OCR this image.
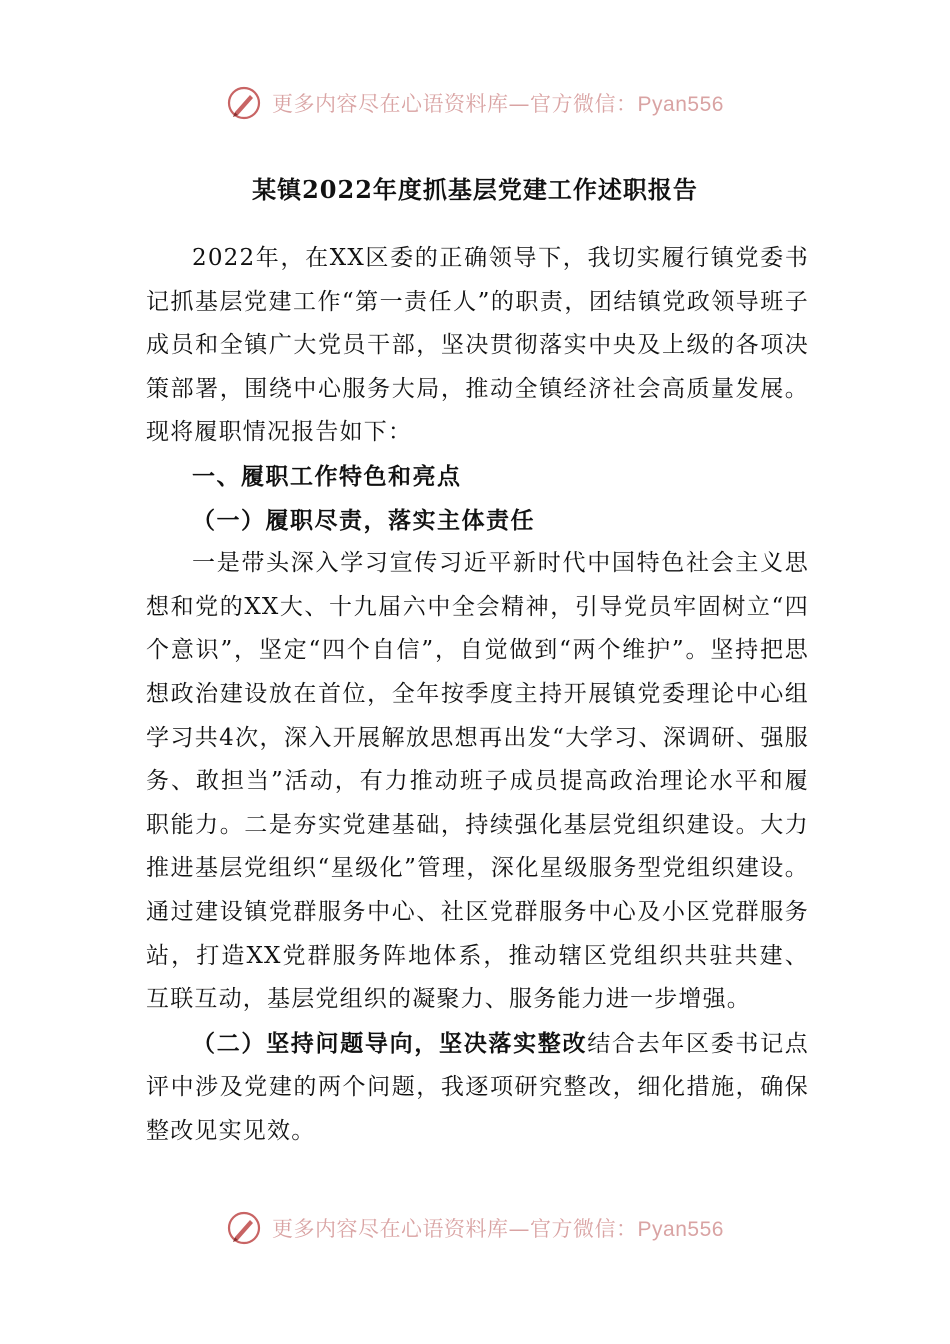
更多内容尽在心语资料库—官方微信：Pyan556
某镇2022年度抓基层党建工作述职报告

2022年，在XX区委的正确领导下，我切实履行镇党委书记抓基层党建工作“第一责任人”的职责，团结镇党政领导班子成员和全镇广大党员干部，坚决贯彻落实中央及上级的各项决策部署，围绕中心服务大局，推动全镇经济社会高质量发展。现将履职情况报告如下：

一、履职工作特色和亮点

（一）履职尽责，落实主体责任

一是带头深入学习宣传习近平新时代中国特色社会主义思想和党的XX大、十九届六中全会精神，引导党员牢固树立“四个意识”，坚定“四个自信”，自觉做到“两个维护”。坚持把思想政治建设放在首位，全年按季度主持开展镇党委理论中心组学习共4次，深入开展解放思想再出发“大学习、深调研、强服务、敢担当”活动，有力推动班子成员提高政治理论水平和履职能力。二是夯实党建基础，持续强化基层党组织建设。大力推进基层党组织“星级化”管理，深化星级服务型党组织建设。通过建设镇党群服务中心、社区党群服务中心及小区党群服务站，打造XX党群服务阵地体系，推动辖区党组织共驻共建、互联互动，基层党组织的凝聚力、服务能力进一步增强。

（二）坚持问题导向，坚决落实整改结合去年区委书记点评中涉及党建的两个问题，我逐项研究整改，细化措施，确保整改见实见效。

更多内容尽在心语资料库—官方微信：Pyan556
